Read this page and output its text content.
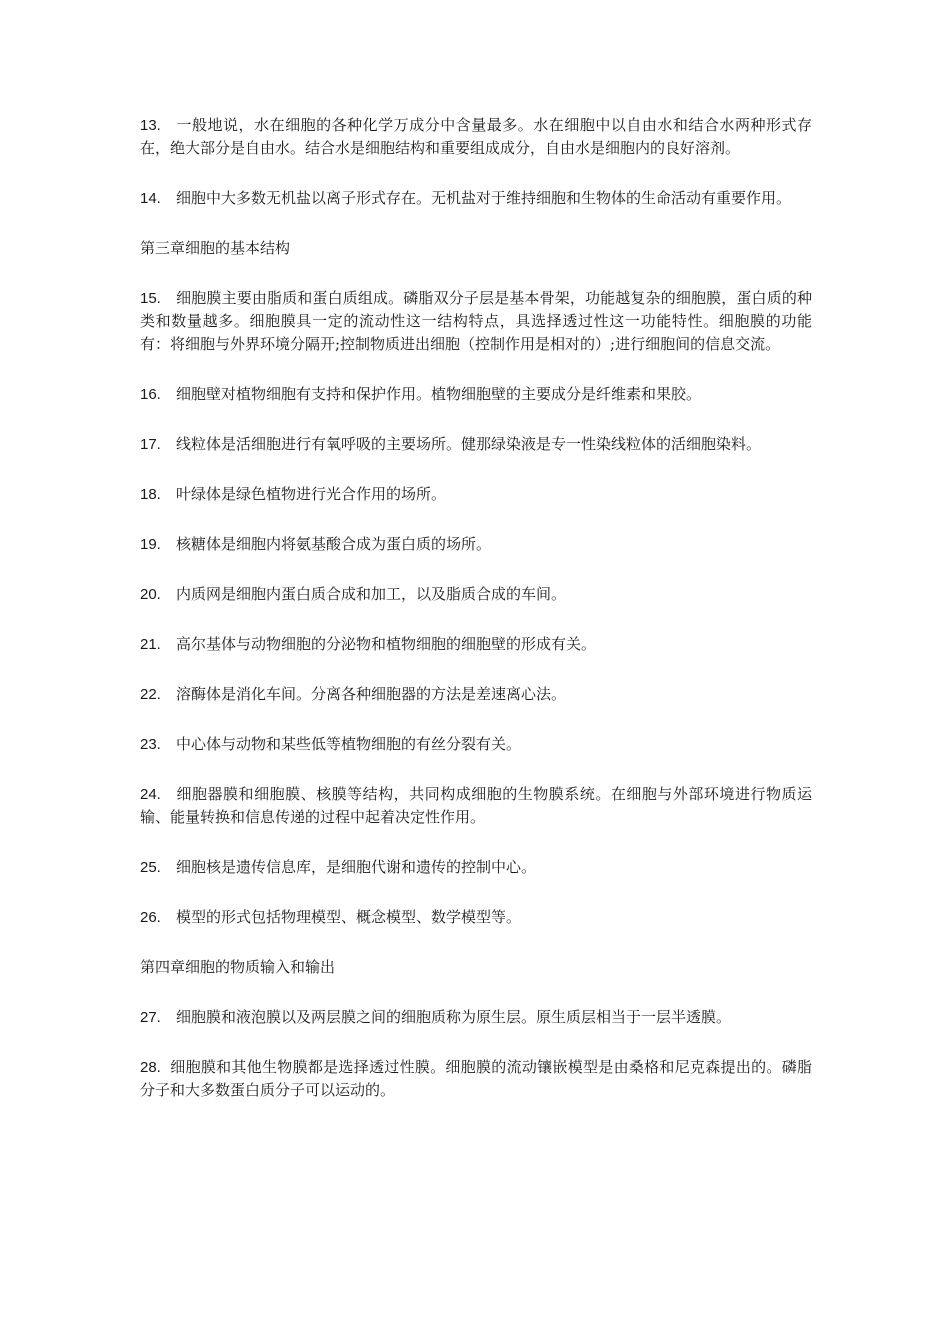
13. 一般地说，水在细胞的各种化学万成分中含量最多。水在细胞中以自由水和结合水两种形式存在，绝大部分是自由水。结合水是细胞结构和重要组成成分，自由水是细胞内的良好溶剂。

14. 细胞中大多数无机盐以离子形式存在。无机盐对于维持细胞和生物体的生命活动有重要作用。

第三章细胞的基本结构

15. 细胞膜主要由脂质和蛋白质组成。磷脂双分子层是基本骨架，功能越复杂的细胞膜，蛋白质的种类和数量越多。细胞膜具一定的流动性这一结构特点，具选择透过性这一功能特性。细胞膜的功能有：将细胞与外界环境分隔开;控制物质进出细胞（控制作用是相对的）;进行细胞间的信息交流。

16. 细胞壁对植物细胞有支持和保护作用。植物细胞壁的主要成分是纤维素和果胶。

17. 线粒体是活细胞进行有氧呼吸的主要场所。健那绿染液是专一性染线粒体的活细胞染料。

18. 叶绿体是绿色植物进行光合作用的场所。

19. 核糖体是细胞内将氨基酸合成为蛋白质的场所。

20. 内质网是细胞内蛋白质合成和加工，以及脂质合成的车间。

21. 高尔基体与动物细胞的分泌物和植物细胞的细胞壁的形成有关。

22. 溶酶体是消化车间。分离各种细胞器的方法是差速离心法。

23. 中心体与动物和某些低等植物细胞的有丝分裂有关。

24. 细胞器膜和细胞膜、核膜等结构，共同构成细胞的生物膜系统。在细胞与外部环境进行物质运输、能量转换和信息传递的过程中起着决定性作用。

25. 细胞核是遗传信息库，是细胞代谢和遗传的控制中心。

26. 模型的形式包括物理模型、概念模型、数学模型等。

第四章细胞的物质输入和输出

27. 细胞膜和液泡膜以及两层膜之间的细胞质称为原生层。原生质层相当于一层半透膜。

28. 细胞膜和其他生物膜都是选择透过性膜。细胞膜的流动镶嵌模型是由桑格和尼克森提出的。磷脂分子和大多数蛋白质分子可以运动的。
